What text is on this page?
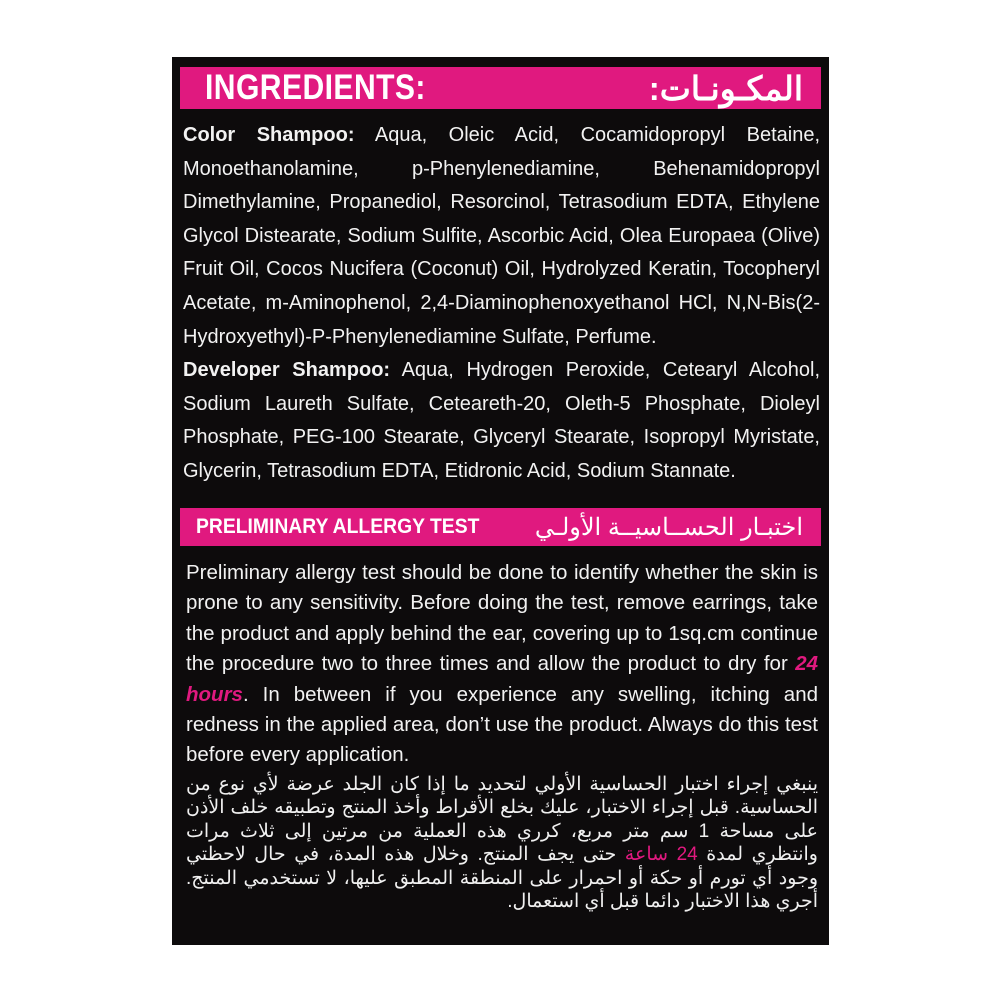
INGREDIENTS:	المكـونـات:
Color Shampoo: Aqua, Oleic Acid, Cocamidopropyl Betaine, Monoethanolamine, p-Phenylenediamine, Behenamidopropyl Dimethylamine, Propanediol, Resorcinol, Tetrasodium EDTA, Ethylene Glycol Distearate, Sodium Sulfite, Ascorbic Acid, Olea Europaea (Olive) Fruit Oil, Cocos Nucifera (Coconut) Oil, Hydrolyzed Keratin, Tocopheryl Acetate, m-Aminophenol, 2,4-Diaminophenoxyethanol HCl, N,N-Bis(2-Hydroxyethyl)-P-Phenylenediamine Sulfate, Perfume.
Developer Shampoo: Aqua, Hydrogen Peroxide, Cetearyl Alcohol, Sodium Laureth Sulfate, Ceteareth-20, Oleth-5 Phosphate, Dioleyl Phosphate, PEG-100 Stearate, Glyceryl Stearate, Isopropyl Myristate, Glycerin, Tetrasodium EDTA, Etidronic Acid, Sodium Stannate.
PRELIMINARY ALLERGY TEST اختبـار الحســاسيــة الأولـي
Preliminary allergy test should be done to identify whether the skin is prone to any sensitivity. Before doing the test, remove earrings, take the product and apply behind the ear, covering up to 1sq.cm continue the procedure two to three times and allow the product to dry for 24 hours. In between if you experience any swelling, itching and redness in the applied area, don’t use the product. Always do this test before every application.
ينبغي إجراء اختبار الحساسية الأولي لتحديد ما إذا كان الجلد عرضة لأي نوع من الحساسية. قبل إجراء الاختبار، عليك بخلع الأقراط وأخذ المنتج وتطبيقه خلف الأذن على مساحة 1 سم متر مربع، كرري هذه العملية من مرتين إلى ثلاث مرات وانتظري لمدة 24 ساعة حتى يجف المنتج. وخلال هذه المدة، في حال لاحظتي وجود أي تورم أو حكة أو احمرار على المنطقة المطبق عليها، لا تستخدمي المنتج. أجري هذا الاختبار دائما قبل أي استعمال.
